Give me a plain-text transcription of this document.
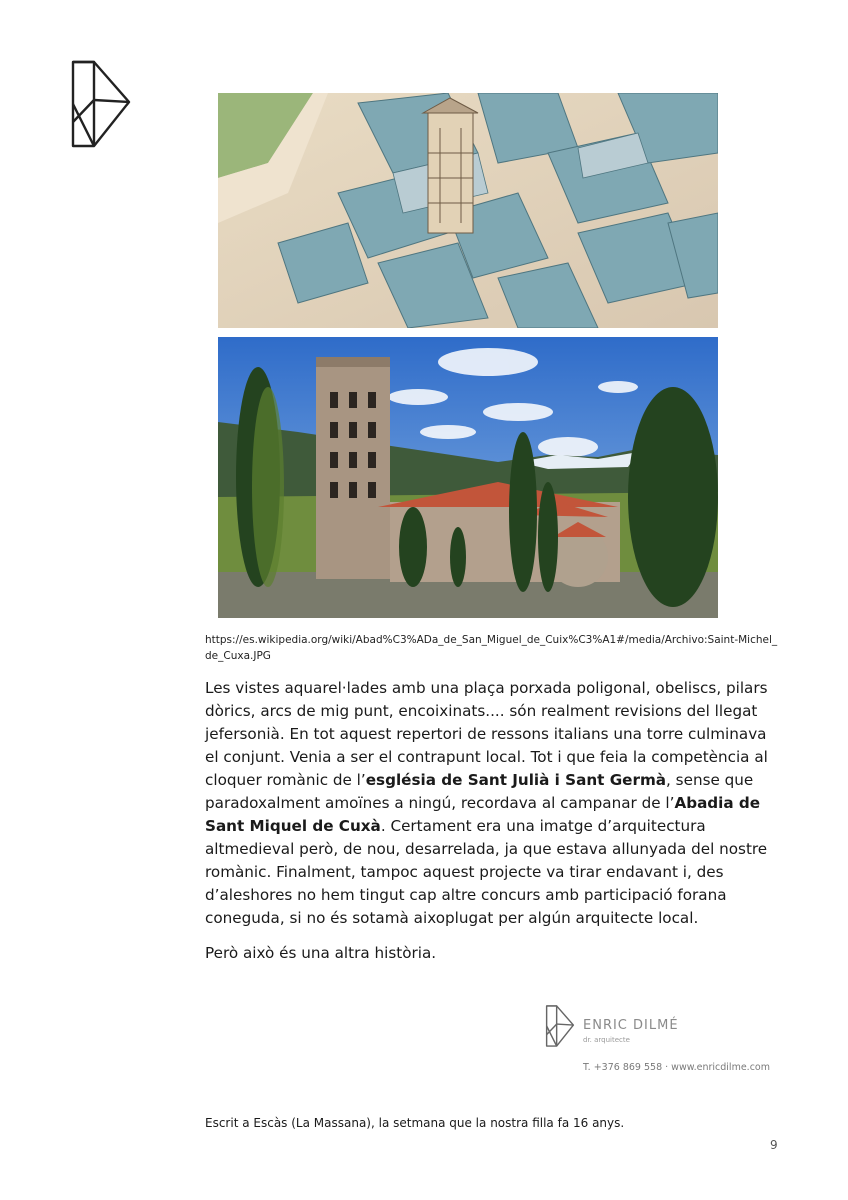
https://es.wikipedia.org/wiki/Abad%C3%ADa_de_San_Miguel_de_Cuix%C3%A1#/media/Archivo:Saint-Michel_de_Cuxa.JPG

Les vistes aquarel·lades amb una plaça porxada poligonal, obeliscs, pilars dòrics, arcs de mig punt, encoixinats.... són realment revisions del llegat jefersonià. En tot aquest repertori de ressons italians una torre culminava el conjunt. Venia a ser el contrapunt local. Tot i que feia la competència al cloquer romànic de l’església de Sant Julià i Sant Germà, sense que paradoxalment amoïnes a ningú, recordava al campanar de l’Abadia de Sant Miquel de Cuxà. Certament era una imatge d’arquitectura altmedieval però, de nou, desarrelada, ja que estava allunyada del nostre romànic. Finalment, tampoc aquest projecte va tirar endavant i, des d’aleshores no hem tingut cap altre concurs amb participació forana coneguda, si no és sotamà aixoplugat per algún arquitecte local.

Però això és una altra història.

ENRIC DILMÉ
dr. arquitecte
T. +376 869 558 · www.enricdilme.com
Escrit a Escàs (La Massana), la setmana que la nostra filla fa 16 anys.
9
